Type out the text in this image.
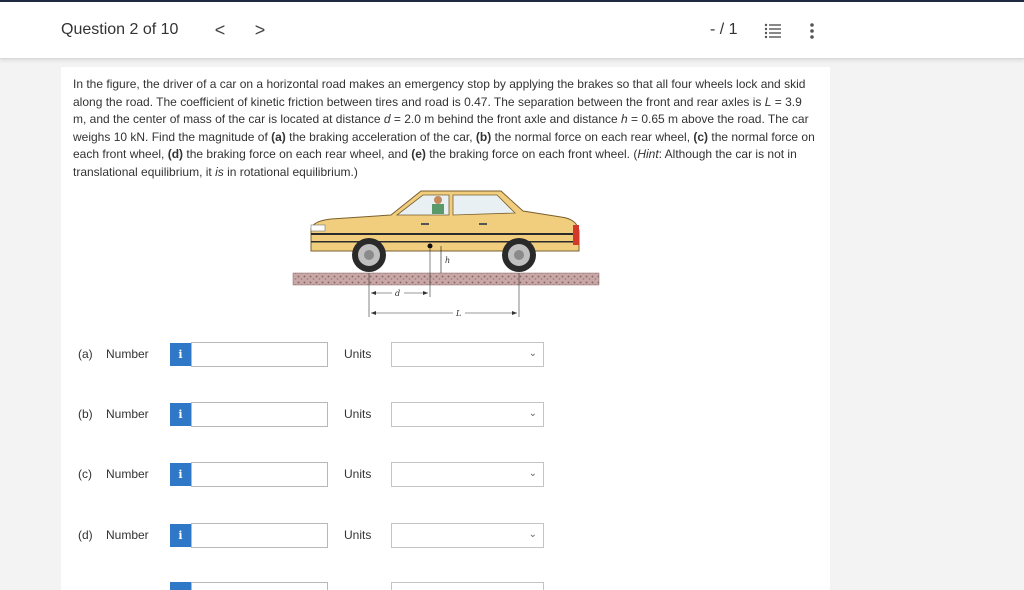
Question 2 of 10 < >	- / 1
In the figure, the driver of a car on a horizontal road makes an emergency stop by applying the brakes so that all four wheels lock and skid along the road. The coefficient of kinetic friction between tires and road is 0.47. The separation between the front and rear axles is L = 3.9 m, and the center of mass of the car is located at distance d = 2.0 m behind the front axle and distance h = 0.65 m above the road. The car weighs 10 kN. Find the magnitude of (a) the braking acceleration of the car, (b) the normal force on each rear wheel, (c) the normal force on each front wheel, (d) the braking force on each rear wheel, and (e) the braking force on each front wheel. (Hint: Although the car is not in translational equilibrium, it is in rotational equilibrium.)
h
d
L
(a) Number	i	Units	⌄
(b) Number	i	Units	⌄
(c) Number	i	Units	⌄
(d) Number	i	Units	⌄
